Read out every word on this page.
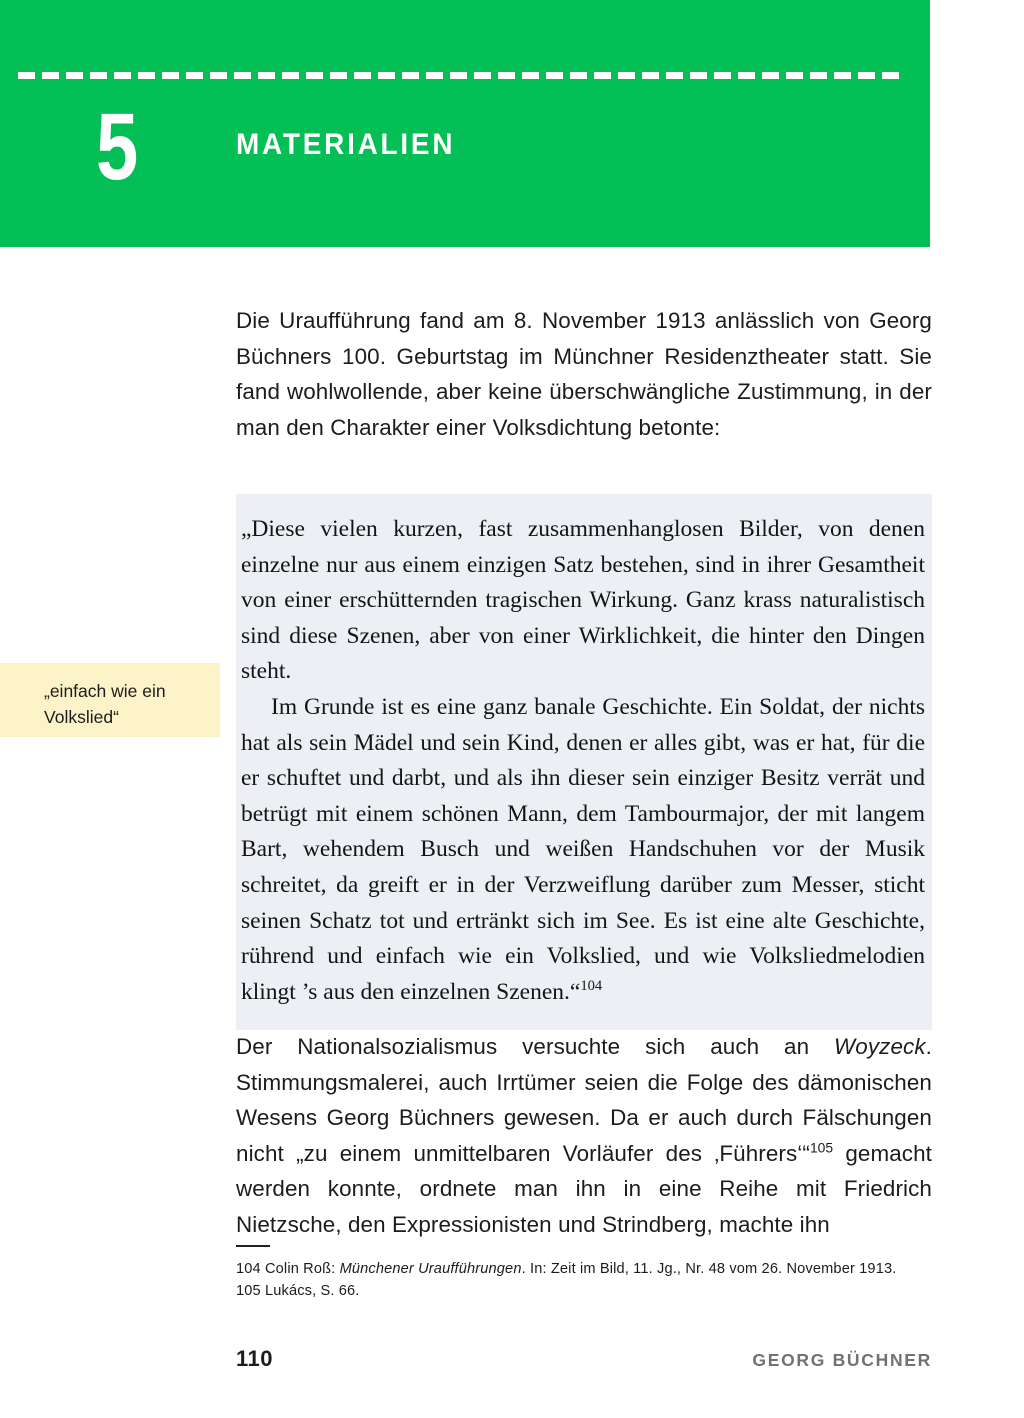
5	MATERIALIEN

Die Uraufführung fand am 8. November 1913 anlässlich von Georg Büchners 100. Geburtstag im Münchner Residenztheater statt. Sie fand wohlwollende, aber keine überschwängliche Zustimmung, in der man den Charakter einer Volksdichtung betonte:

„einfach wie ein Volkslied“

„Diese vielen kurzen, fast zusammenhanglosen Bilder, von denen einzelne nur aus einem einzigen Satz bestehen, sind in ihrer Gesamtheit von einer erschütternden tragischen Wirkung. Ganz krass naturalistisch sind diese Szenen, aber von einer Wirklichkeit, die hinter den Dingen steht.

Im Grunde ist es eine ganz banale Geschichte. Ein Soldat, der nichts hat als sein Mädel und sein Kind, denen er alles gibt, was er hat, für die er schuftet und darbt, und als ihn dieser sein einziger Besitz verrät und betrügt mit einem schönen Mann, dem Tambourmajor, der mit langem Bart, wehendem Busch und weißen Handschuhen vor der Musik schreitet, da greift er in der Verzweiflung darüber zum Messer, sticht seinen Schatz tot und ertränkt sich im See. Es ist eine alte Geschichte, rührend und einfach wie ein Volkslied, und wie Volksliedmelodien klingt ’s aus den einzelnen Szenen.“$^{104}$

Der Nationalsozialismus versuchte sich auch an Woyzeck. Stimmungsmalerei, auch Irrtümer seien die Folge des dämonischen Wesens Georg Büchners gewesen. Da er auch durch Fälschungen nicht „zu einem unmittelbaren Vorläufer des ‚Führers‘“$^{105}$ gemacht werden konnte, ordnete man ihn in eine Reihe mit Friedrich Nietzsche, den Expressionisten und Strindberg, machte ihn

104 Colin Roß: Münchener Uraufführungen. In: Zeit im Bild, 11. Jg., Nr. 48 vom 26. November 1913.
105 Lukács, S. 66.
110	GEORG BÜCHNER
